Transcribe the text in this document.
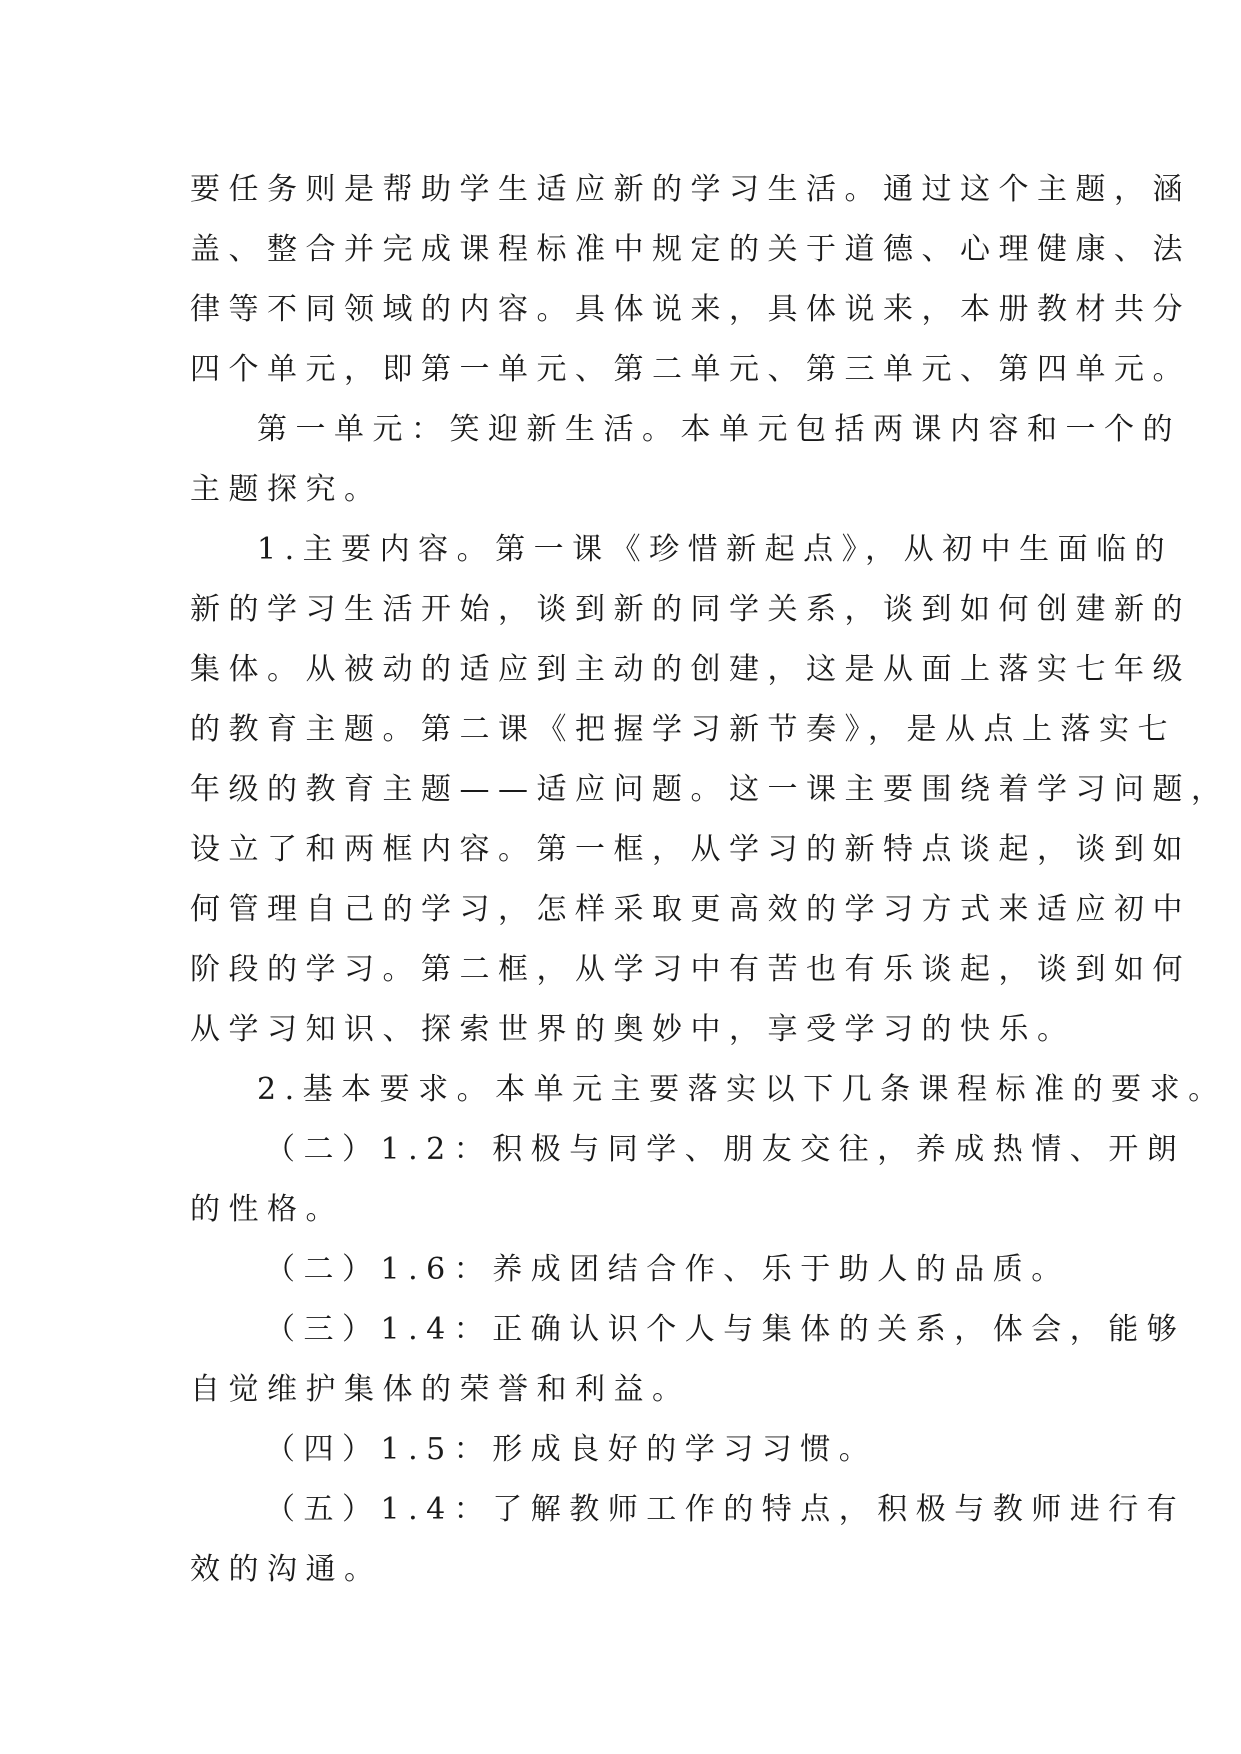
要任务则是帮助学生适应新的学习生活。通过这个主题，涵
盖、整合并完成课程标准中规定的关于道德、心理健康、法
律等不同领域的内容。具体说来，具体说来，本册教材共分
四个单元，即第一单元、第二单元、第三单元、第四单元。
第一单元：笑迎新生活。本单元包括两课内容和一个的
主题探究。
1.主要内容。第一课《珍惜新起点》，从初中生面临的
新的学习生活开始，谈到新的同学关系，谈到如何创建新的
集体。从被动的适应到主动的创建，这是从面上落实七年级
的教育主题。第二课《把握学习新节奏》，是从点上落实七
年级的教育主题——适应问题。这一课主要围绕着学习问题，
设立了和两框内容。第一框，从学习的新特点谈起，谈到如
何管理自己的学习，怎样采取更高效的学习方式来适应初中
阶段的学习。第二框，从学习中有苦也有乐谈起，谈到如何
从学习知识、探索世界的奥妙中，享受学习的快乐。
2.基本要求。本单元主要落实以下几条课程标准的要求。
（二）1.2：积极与同学、朋友交往，养成热情、开朗
的性格。
（二）1.6：养成团结合作、乐于助人的品质。
（三）1.4：正确认识个人与集体的关系，体会，能够
自觉维护集体的荣誉和利益。
（四）1.5：形成良好的学习习惯。
（五）1.4：了解教师工作的特点，积极与教师进行有
效的沟通。
